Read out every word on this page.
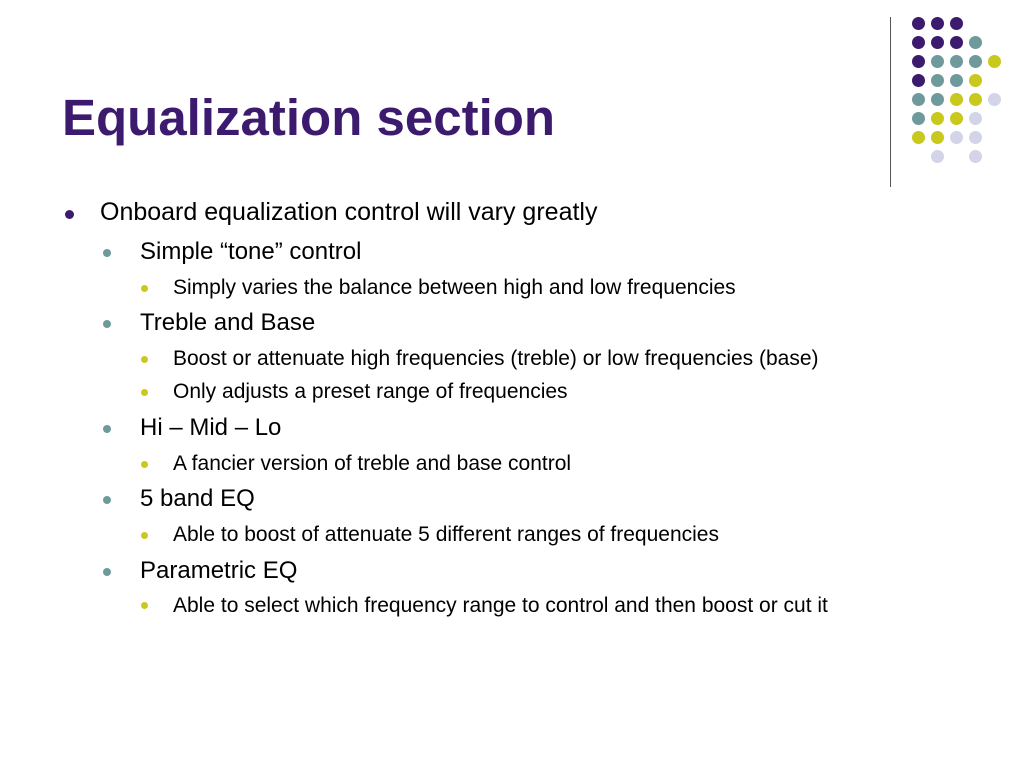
Equalization section
Onboard equalization control will vary greatly
Simple “tone” control
Simply varies the balance between high and low frequencies
Treble and Base
Boost or attenuate high frequencies (treble) or low frequencies (base)
Only adjusts a preset range of frequencies
Hi – Mid – Lo
A fancier version of treble and base control
5 band EQ
Able to boost of attenuate 5 different ranges of frequencies
Parametric EQ
Able to select which frequency range to control and then boost or cut it
